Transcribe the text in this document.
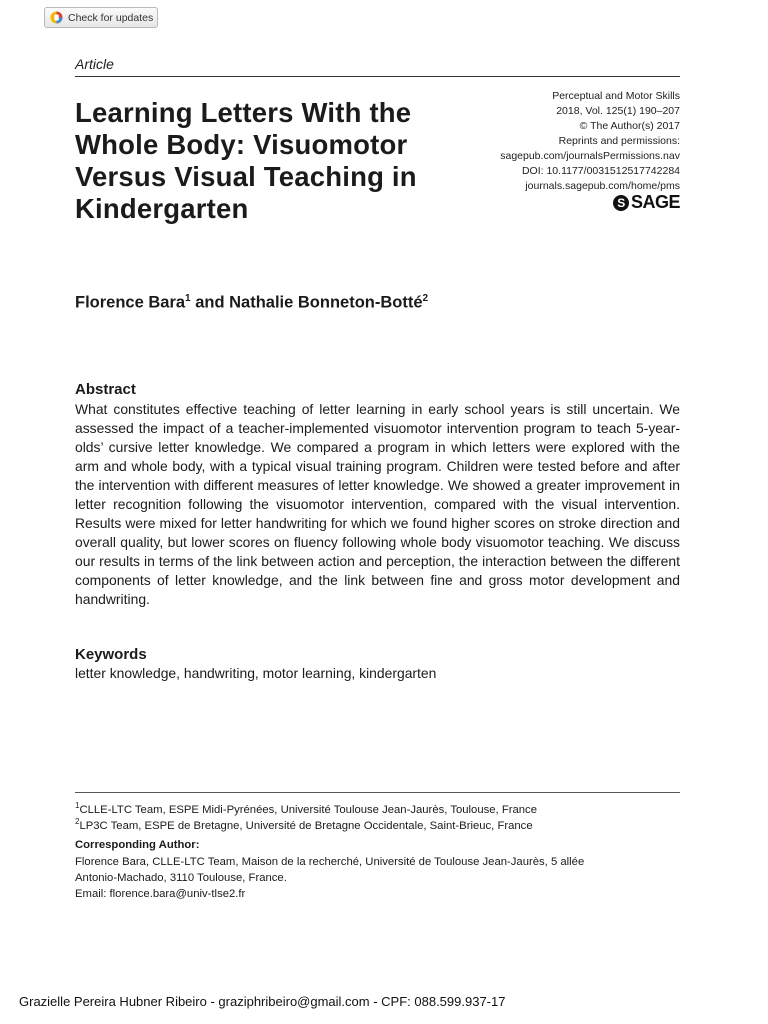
Check for updates
Article
Learning Letters With the Whole Body: Visuomotor Versus Visual Teaching in Kindergarten
Perceptual and Motor Skills
2018, Vol. 125(1) 190–207
© The Author(s) 2017
Reprints and permissions:
sagepub.com/journalsPermissions.nav
DOI: 10.1177/0031512517742284
journals.sagepub.com/home/pms
S SAGE

Florence Bara$^1$ and Nathalie Bonneton-Botté$^2$

Abstract

What constitutes effective teaching of letter learning in early school years is still uncertain. We assessed the impact of a teacher-implemented visuomotor intervention program to teach 5-year-olds’ cursive letter knowledge. We compared a program in which letters were explored with the arm and whole body, with a typical visual training program. Children were tested before and after the intervention with different measures of letter knowledge. We showed a greater improvement in letter recognition following the visuomotor intervention, compared with the visual intervention. Results were mixed for letter handwriting for which we found higher scores on stroke direction and overall quality, but lower scores on fluency following whole body visuomotor teaching. We discuss our results in terms of the link between action and perception, the interaction between the different components of letter knowledge, and the link between fine and gross motor development and handwriting.

Keywords

letter knowledge, handwriting, motor learning, kindergarten

$^1$CLLE-LTC Team, ESPE Midi-Pyrénées, Université Toulouse Jean-Jaurès, Toulouse, France

$^2$LP3C Team, ESPE de Bretagne, Université de Bretagne Occidentale, Saint-Brieuc, France

Corresponding Author:
Florence Bara, CLLE-LTC Team, Maison de la recherché, Université de Toulouse Jean-Jaurès, 5 allée
Antonio-Machado, 3110 Toulouse, France.
Email: florence.bara@univ-tlse2.fr

Grazielle Pereira Hubner Ribeiro - graziphribeiro@gmail.com - CPF: 088.599.937-17
